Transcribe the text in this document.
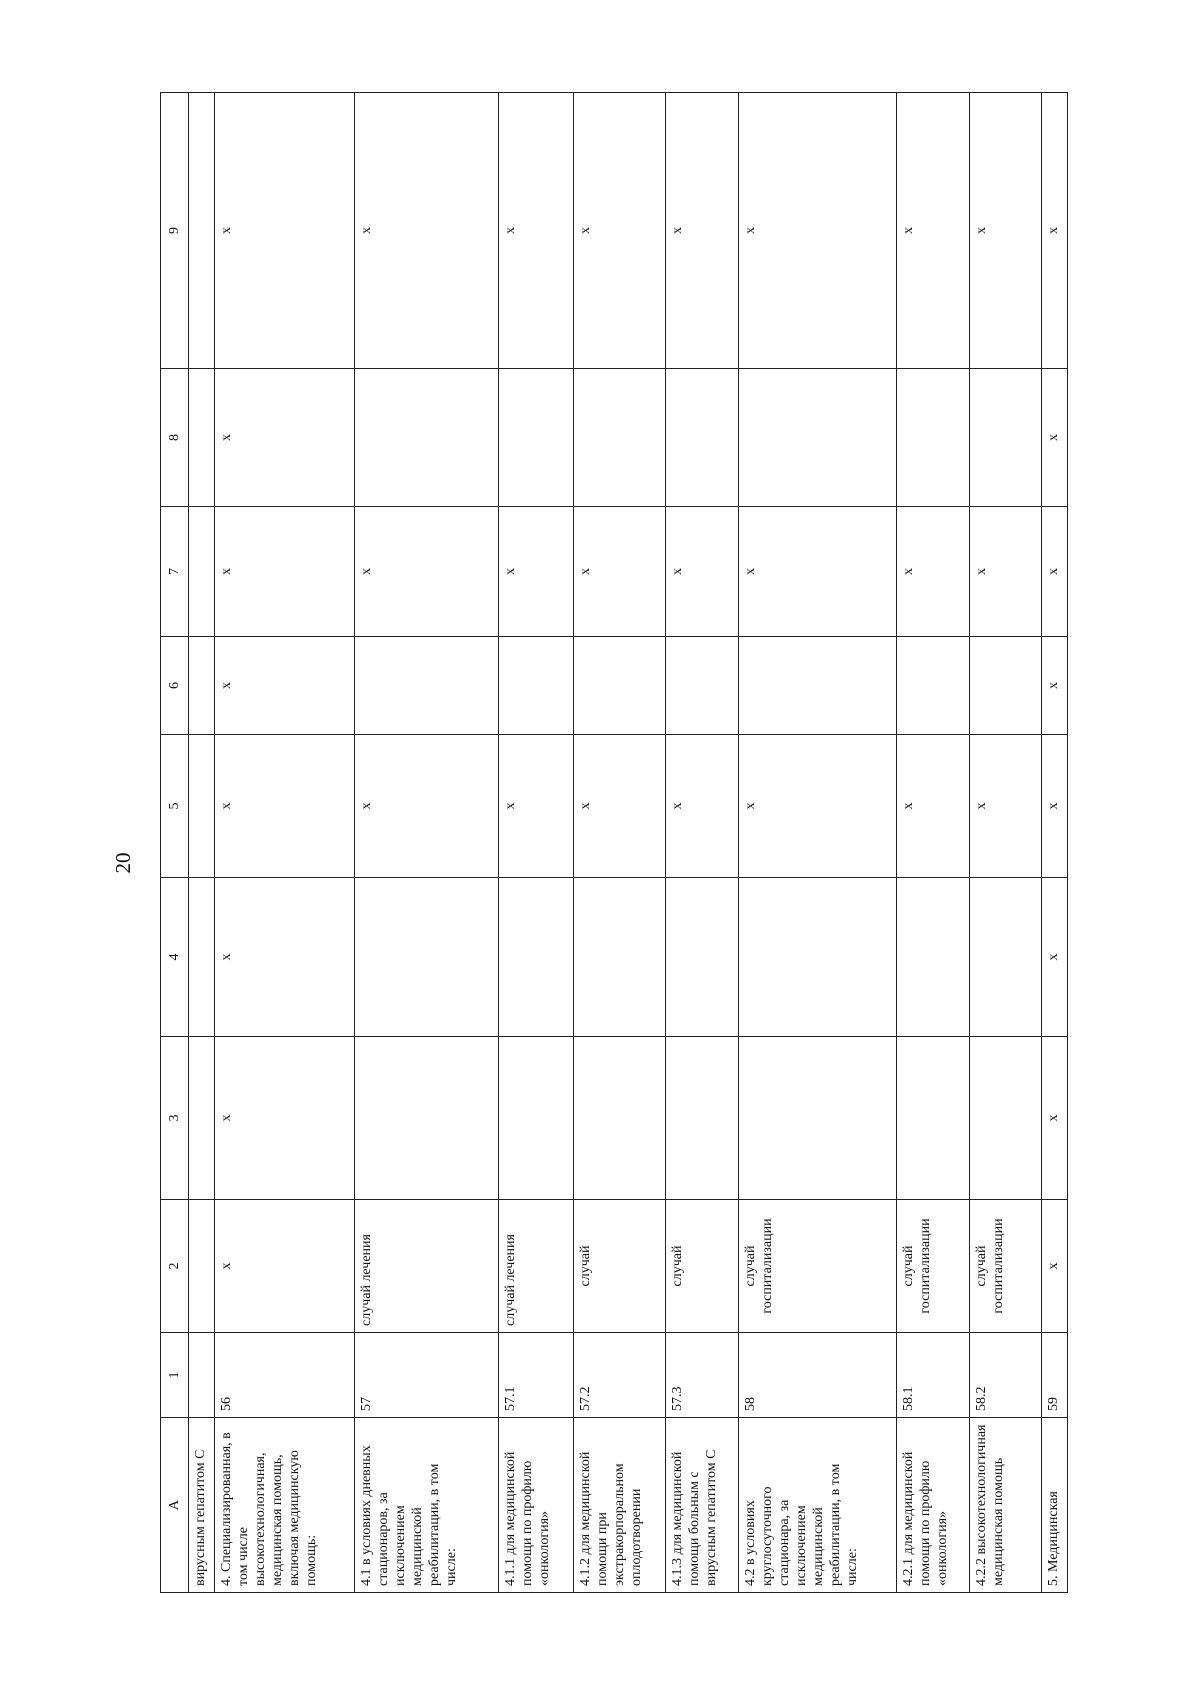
20
A	1	2	3	4	5	6	7	8	9
вирусным гепатитом С									
4. Специализированная, в том числе высокотехнологичная, медицинская помощь, включая медицинскую помощь:	56	х	х	х	х	х	х	х	х
4.1 в условиях дневных стационаров, за исключением медицинской реабилитации, в том числе:	57	случай лечения			х		х		х
4.1.1 для медицинской помощи по профилю «онкология»	57.1	случай лечения			х		х		х
4.1.2 для медицинской помощи при экстракорпоральном оплодотворении	57.2	случай			х		х		х
4.1.3 для медицинской помощи больным с вирусным гепатитом С	57.3	случай			х		х		х
4.2 в условиях круглосуточного стационара, за исключением медицинской реабилитации, в том числе:	58	случай госпитализации			х		х		х
4.2.1 для медицинской помощи по профилю «онкология»	58.1	случай госпитализации			х		х		х
4.2.2 высокотехнологичная медицинская помощь	58.2	случай госпитализации			х		х		х
5. Медицинская	59	х	х	х	х	х	х	х	х
